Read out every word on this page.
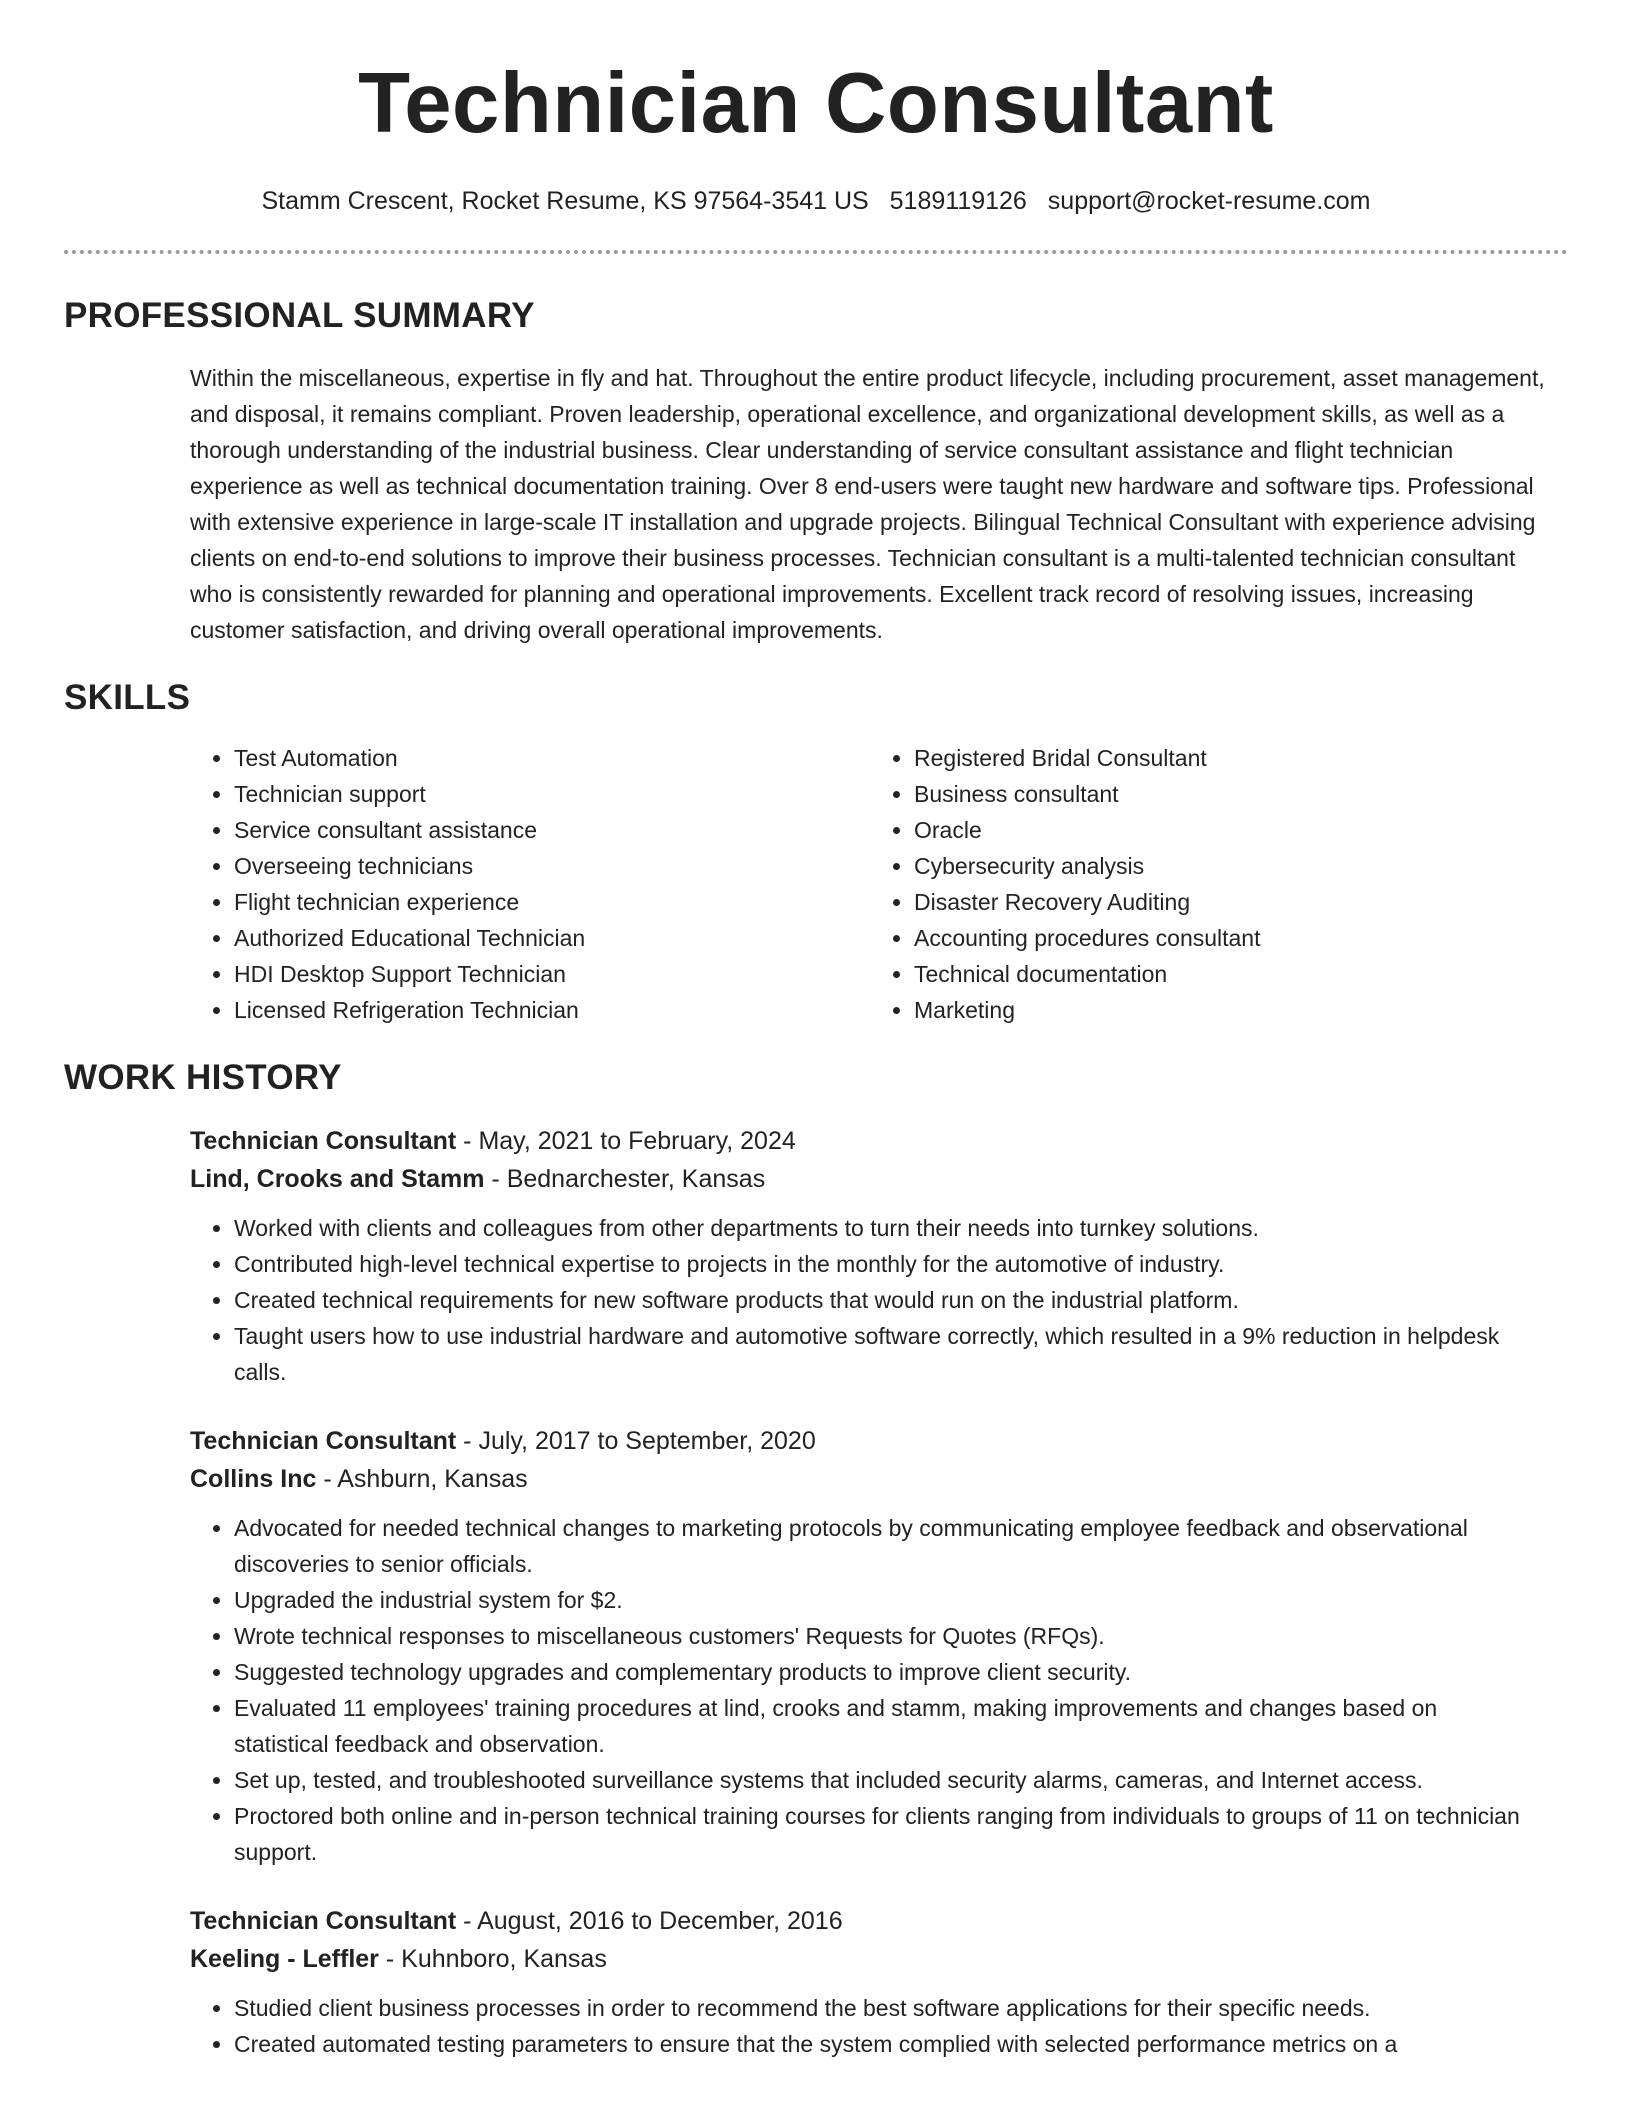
Technician Consultant
Stamm Crescent, Rocket Resume, KS 97564-3541 US 5189119126 support@rocket-resume.com
PROFESSIONAL SUMMARY

Within the miscellaneous, expertise in fly and hat. Throughout the entire product lifecycle, including procurement, asset management, and disposal, it remains compliant. Proven leadership, operational excellence, and organizational development skills, as well as a thorough understanding of the industrial business. Clear understanding of service consultant assistance and flight technician experience as well as technical documentation training. Over 8 end-users were taught new hardware and software tips. Professional with extensive experience in large-scale IT installation and upgrade projects. Bilingual Technical Consultant with experience advising clients on end-to-end solutions to improve their business processes. Technician consultant is a multi-talented technician consultant who is consistently rewarded for planning and operational improvements. Excellent track record of resolving issues, increasing customer satisfaction, and driving overall operational improvements.

SKILLS
• Test Automation
• Technician support
• Service consultant assistance
• Overseeing technicians
• Flight technician experience
• Authorized Educational Technician
• HDI Desktop Support Technician
• Licensed Refrigeration Technician
• Registered Bridal Consultant
• Business consultant
• Oracle
• Cybersecurity analysis
• Disaster Recovery Auditing
• Accounting procedures consultant
• Technical documentation
• Marketing
WORK HISTORY
Technician Consultant - May, 2021 to February, 2024
Lind, Crooks and Stamm - Bednarchester, Kansas
• Worked with clients and colleagues from other departments to turn their needs into turnkey solutions.
• Contributed high-level technical expertise to projects in the monthly for the automotive of industry.
• Created technical requirements for new software products that would run on the industrial platform.
• Taught users how to use industrial hardware and automotive software correctly, which resulted in a 9% reduction in helpdesk calls.
Technician Consultant - July, 2017 to September, 2020
Collins Inc - Ashburn, Kansas
• Advocated for needed technical changes to marketing protocols by communicating employee feedback and observational discoveries to senior officials.
• Upgraded the industrial system for $2.
• Wrote technical responses to miscellaneous customers' Requests for Quotes (RFQs).
• Suggested technology upgrades and complementary products to improve client security.
• Evaluated 11 employees' training procedures at lind, crooks and stamm, making improvements and changes based on statistical feedback and observation.
• Set up, tested, and troubleshooted surveillance systems that included security alarms, cameras, and Internet access.
• Proctored both online and in-person technical training courses for clients ranging from individuals to groups of 11 on technician support.
Technician Consultant - August, 2016 to December, 2016
Keeling - Leffler - Kuhnboro, Kansas
• Studied client business processes in order to recommend the best software applications for their specific needs.
• Created automated testing parameters to ensure that the system complied with selected performance metrics on a
